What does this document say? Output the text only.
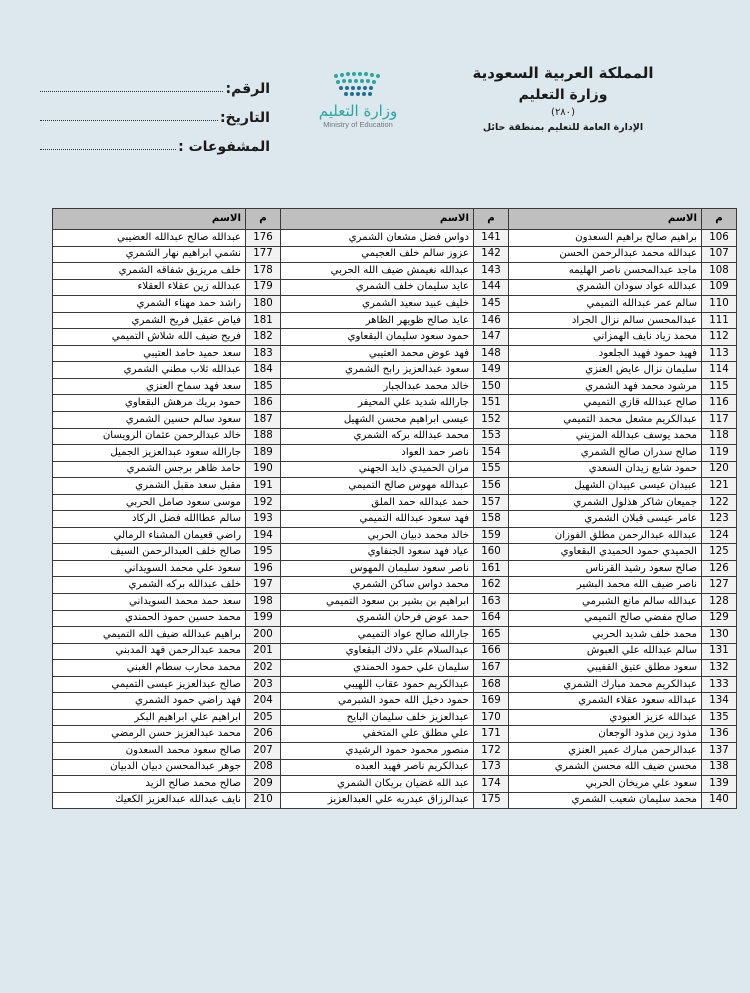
المملكة العربية السعودية

وزارة التعليم

(٢٨٠)

الإدارة العامة للتعليم بمنطقة حائل

وزارة التعليم
Ministry of Education
الرقم:
التاريخ:
المشفوعات :
م	الاسم	م	الاسم	م	الاسم
106	براهيم صالح براهيم السعدون	141	دواس فضل مشعان الشمري	176	عبدالله صالح عبدالله العضيبي
107	عبدالله محمد عبدالرحمن الحسن	142	عزوز سالم خلف العجيمي	177	نشمي ابراهيم نهار الشمري
108	ماجد عبدالمحسن ناصر الهليمه	143	عبدالله نغيمش ضيف الله الحربي	178	خلف مريزيق شفاقه الشمري
109	عبدالله عواد سودان الشمري	144	عايد سليمان خلف الشمري	179	عبدالله زين عقلاء العقلاء
110	سالم عمر عبدالله التميمي	145	خليف عبيد سعيد الشمري	180	راشد حمد مهناء الشمري
111	عبدالمحسن سالم نزال الجراد	146	عايد صالح ظويهر الظاهر	181	فياض عقيل فريح الشمري
112	محمد زياد نايف الهمزاني	147	حمود سعود سليمان البقعاوي	182	فريح ضيف الله شلاش التميمي
113	فهيد حمود فهيد الجلعود	148	فهد عوض محمد العتيبي	183	سعد حميد حامد العتيبي
114	سليمان نزال عايض العنزي	149	سعود عبدالعزيز رابح الشمري	184	عبدالله ثلاب مطني الشمري
115	مرشود محمد فهد الشمري	150	خالد محمد عبدالجبار	185	سعد فهد سماح العنزي
116	صالح عبدالله قازي التميمي	151	جارالله شديد علي المحيفر	186	حمود بريك مرهش البقعاوي
117	عبدالكريم مشعل محمد التميمي	152	عيسى ابراهيم محسن الشهيل	187	سعود سالم حسين الشمري
118	محمد يوسف عبدالله المزيني	153	محمد عبدالله بركه الشمري	188	خالد عبدالرحمن عثمان الرويسان
119	صالح سدران صالح الشمري	154	ناصر حمد العواد	189	جارالله سعود عبدالعزيز الجميل
120	حمود شايع زيدان السعدي	155	مران الحميدي ذايد الجهني	190	حامد ظاهر برجس الشمري
121	عبيدان عيسى عبيدان الشهيل	156	عبدالله مهوس صالح التميمي	191	مقبل سعد مقبل الشمري
122	جميعان شاكر هذلول الشمري	157	حمد عبدالله حمد الملق	192	موسى سعود صامل الحربي
123	عامر عيسى قبلان الشمري	158	فهد سعود عبدالله التميمي	193	سالم عطاالله فضل الركاد
124	عبدالله عبدالرحمن مطلق الفوزان	159	خالد محمد دبيان الحربي	194	راضي قعيمان المشناء الرمالي
125	الحميدي حمود الحميدي البقعاوي	160	عياد فهد سعود الجنفاوي	195	صالح خلف العبدالرحمن السيف
126	صالح سعود رشيد القرناس	161	ناصر سعود سليمان المهوس	196	سعود علي محمد السويداني
127	ناصر ضيف الله محمد البشير	162	محمد دواس ساكن الشمري	197	خلف عبدالله بركه الشمري
128	عبدالله سالم مانع الشبرمي	163	ابراهيم بن بشير بن سعود التميمي	198	سعد حمد محمد السويداني
129	صالح مفضي صالح التميمي	164	حمد عوض فرحان الشمري	199	محمد حسين حمود الحمندي
130	محمد خلف شديد الحربي	165	جارالله صالح عواد التميمي	200	براهيم عبدالله ضيف الله التميمي
131	سالم عبدالله علي العبوش	166	عبدالسلام علي دلاك البقعاوي	201	محمد عبدالرحمن فهد المدبني
132	سعود مطلق عتيق القفيبي	167	سليمان علي حمود الحمندي	202	محمد محارب سطام الغبني
133	عبدالكريم محمد مبارك الشمري	168	عبدالكريم حمود عقاب اللهيبي	203	صالح عبدالعزيز عيسى التميمي
134	عبدالله سعود عقلاء الشمري	169	حمود دخيل الله حمود الشبرمي	204	فهد راضي حمود الشمري
135	عبدالله عزيز العبودي	170	عبدالعزيز خلف سليمان البايح	205	ابراهيم علي ابراهيم البكر
136	مذود زين مذود الوجعان	171	علي مطلق علي المتخفي	206	محمد عبدالعزيز حسن الرمضي
137	عبدالرحمن مبارك عمير العنزي	172	منصور محمود حمود الرشيدي	207	صالح سعود محمد السعدون
138	محسن ضيف الله محسن الشمري	173	عبدالكريم ناصر فهيد العبده	208	جوهر عبدالمحسن دبيان الدبيان
139	سعود علي مريخان الحربي	174	عبد الله غضيان بريكان الشمري	209	صالح محمد صالح الزيد
140	محمد سليمان شعيب الشمري	175	عبدالرزاق عبدربه علي العبدالعزيز	210	نايف عبدالله عبدالعزيز الكعيك
